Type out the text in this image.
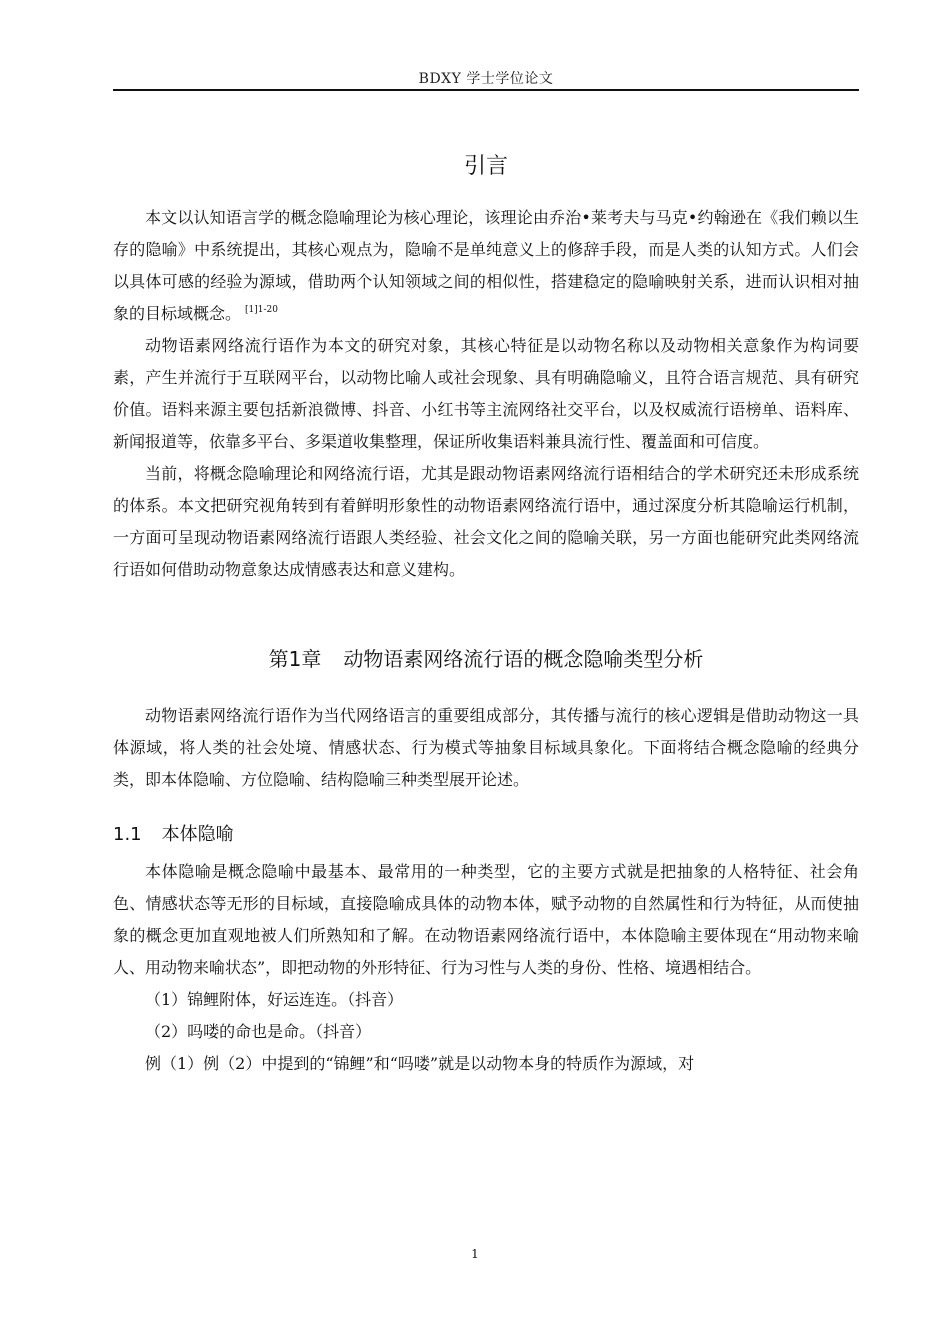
BDXY 学士学位论文
引言

本文以认知语言学的概念隐喻理论为核心理论，该理论由乔治•莱考夫与马克•约翰逊在《我们赖以生存的隐喻》中系统提出，其核心观点为，隐喻不是单纯意义上的修辞手段，而是人类的认知方式。人们会以具体可感的经验为源域，借助两个认知领域之间的相似性，搭建稳定的隐喻映射关系，进而认识相对抽象的目标域概念。 $^{[1]1-20}$

动物语素网络流行语作为本文的研究对象，其核心特征是以动物名称以及动物相关意象作为构词要素，产生并流行于互联网平台，以动物比喻人或社会现象、具有明确隐喻义，且符合语言规范、具有研究价值。语料来源主要包括新浪微博、抖音、小红书等主流网络社交平台，以及权威流行语榜单、语料库、新闻报道等，依靠多平台、多渠道收集整理，保证所收集语料兼具流行性、覆盖面和可信度。

当前，将概念隐喻理论和网络流行语，尤其是跟动物语素网络流行语相结合的学术研究还未形成系统的体系。本文把研究视角转到有着鲜明形象性的动物语素网络流行语中，通过深度分析其隐喻运行机制，一方面可呈现动物语素网络流行语跟人类经验、社会文化之间的隐喻关联，另一方面也能研究此类网络流行语如何借助动物意象达成情感表达和意义建构。

第1章 动物语素网络流行语的概念隐喻类型分析

动物语素网络流行语作为当代网络语言的重要组成部分，其传播与流行的核心逻辑是借助动物这一具体源域，将人类的社会处境、情感状态、行为模式等抽象目标域具象化。下面将结合概念隐喻的经典分类，即本体隐喻、方位隐喻、结构隐喻三种类型展开论述。

1.1 本体隐喻

本体隐喻是概念隐喻中最基本、最常用的一种类型，它的主要方式就是把抽象的人格特征、社会角色、情感状态等无形的目标域，直接隐喻成具体的动物本体，赋予动物的自然属性和行为特征，从而使抽象的概念更加直观地被人们所熟知和了解。在动物语素网络流行语中，本体隐喻主要体现在“用动物来喻人、用动物来喻状态”，即把动物的外形特征、行为习性与人类的身份、性格、境遇相结合。

（1）锦鲤附体，好运连连。（抖音）

（2）吗喽的命也是命。（抖音）

例（1）例（2）中提到的“锦鲤”和“吗喽”就是以动物本身的特质作为源域，对

1
